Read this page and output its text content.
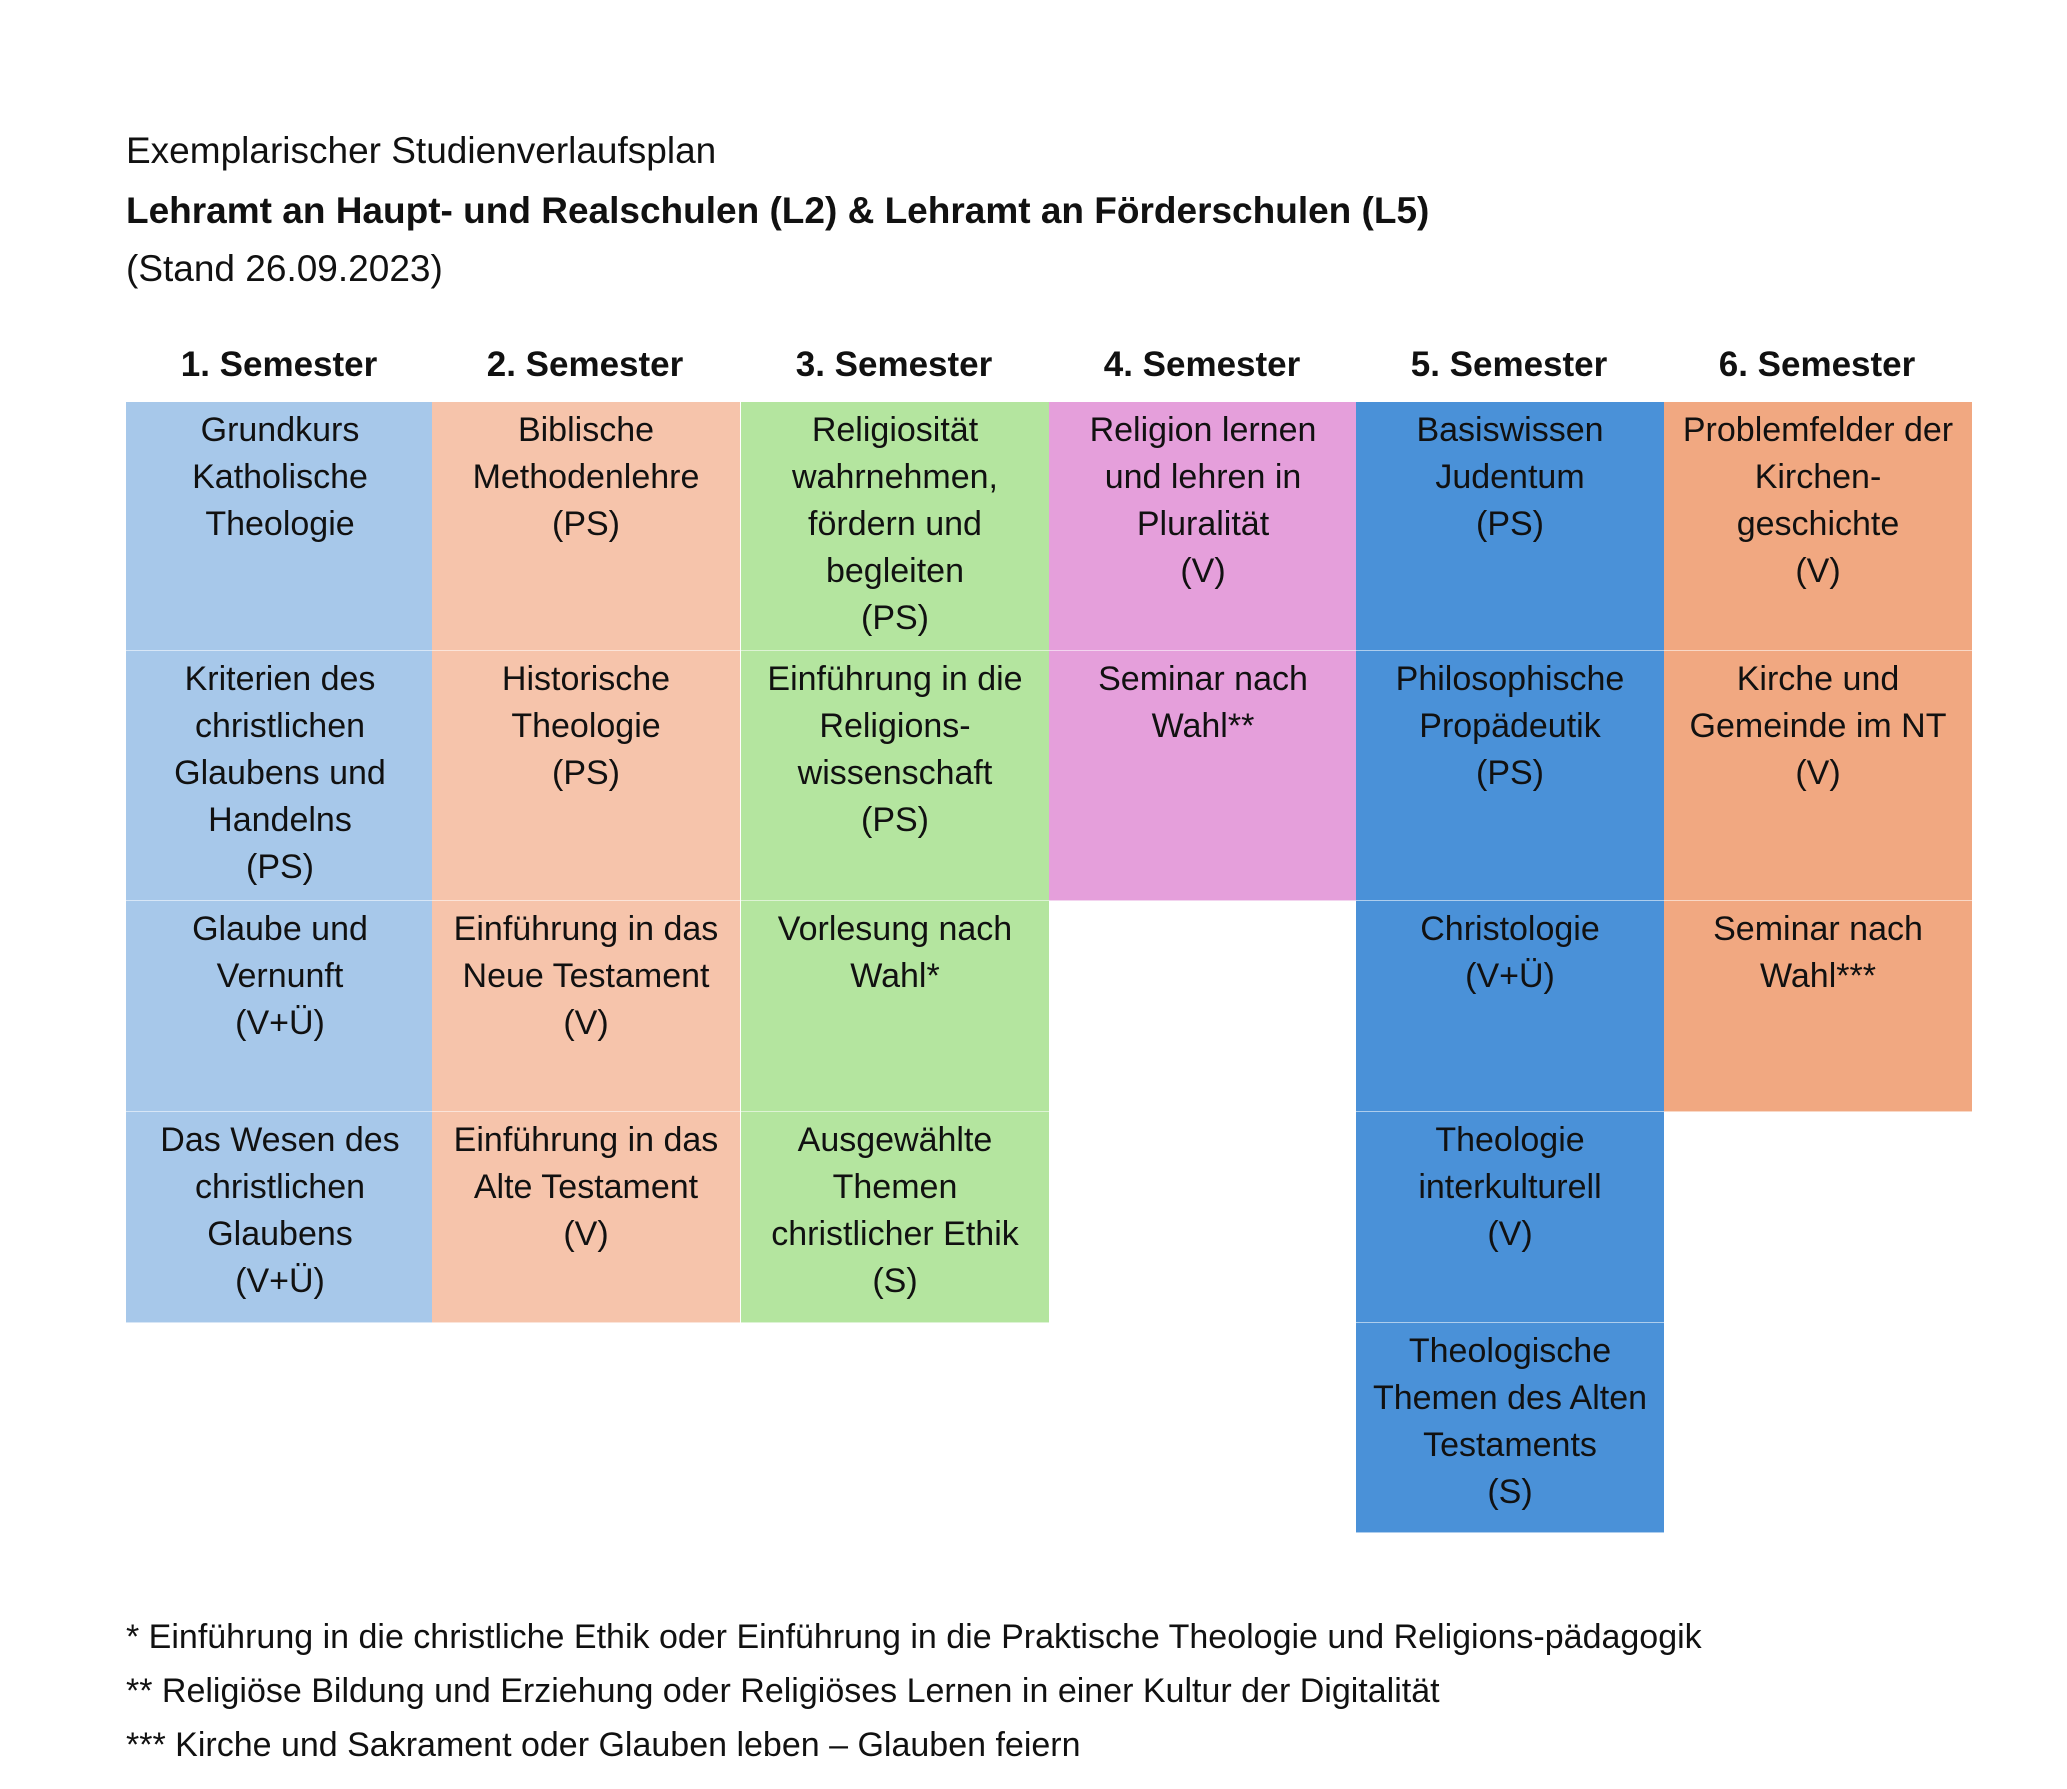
Exemplarischer Studienverlaufsplan
Lehramt an Haupt- und Realschulen (L2) & Lehramt an Förderschulen (L5)
(Stand 26.09.2023)
1. Semester
Grundkurs
Katholische
Theologie
Kriterien des
christlichen
Glaubens und
Handelns
(PS)
Glaube und
Vernunft
(V+Ü)
Das Wesen des
christlichen
Glaubens
(V+Ü)
2. Semester
Biblische
Methodenlehre
(PS)
Historische
Theologie
(PS)
Einführung in das
Neue Testament
(V)
Einführung in das
Alte Testament
(V)
3. Semester
Religiosität
wahrnehmen,
fördern und
begleiten
(PS)
Einführung in die
Religions-
wissenschaft
(PS)
Vorlesung nach
Wahl*
Ausgewählte
Themen
christlicher Ethik
(S)
4. Semester
Religion lernen
und lehren in
Pluralität
(V)
Seminar nach
Wahl**
5. Semester
Basiswissen
Judentum
(PS)
Philosophische
Propädeutik
(PS)
Christologie
(V+Ü)
Theologie
interkulturell
(V)
Theologische
Themen des Alten
Testaments
(S)
6. Semester
Problemfelder der
Kirchen-
geschichte
(V)
Kirche und
Gemeinde im NT
(V)
Seminar nach
Wahl***
* Einführung in die christliche Ethik oder Einführung in die Praktische Theologie und Religions-pädagogik
** Religiöse Bildung und Erziehung oder Religiöses Lernen in einer Kultur der Digitalität
*** Kirche und Sakrament oder Glauben leben – Glauben feiern
